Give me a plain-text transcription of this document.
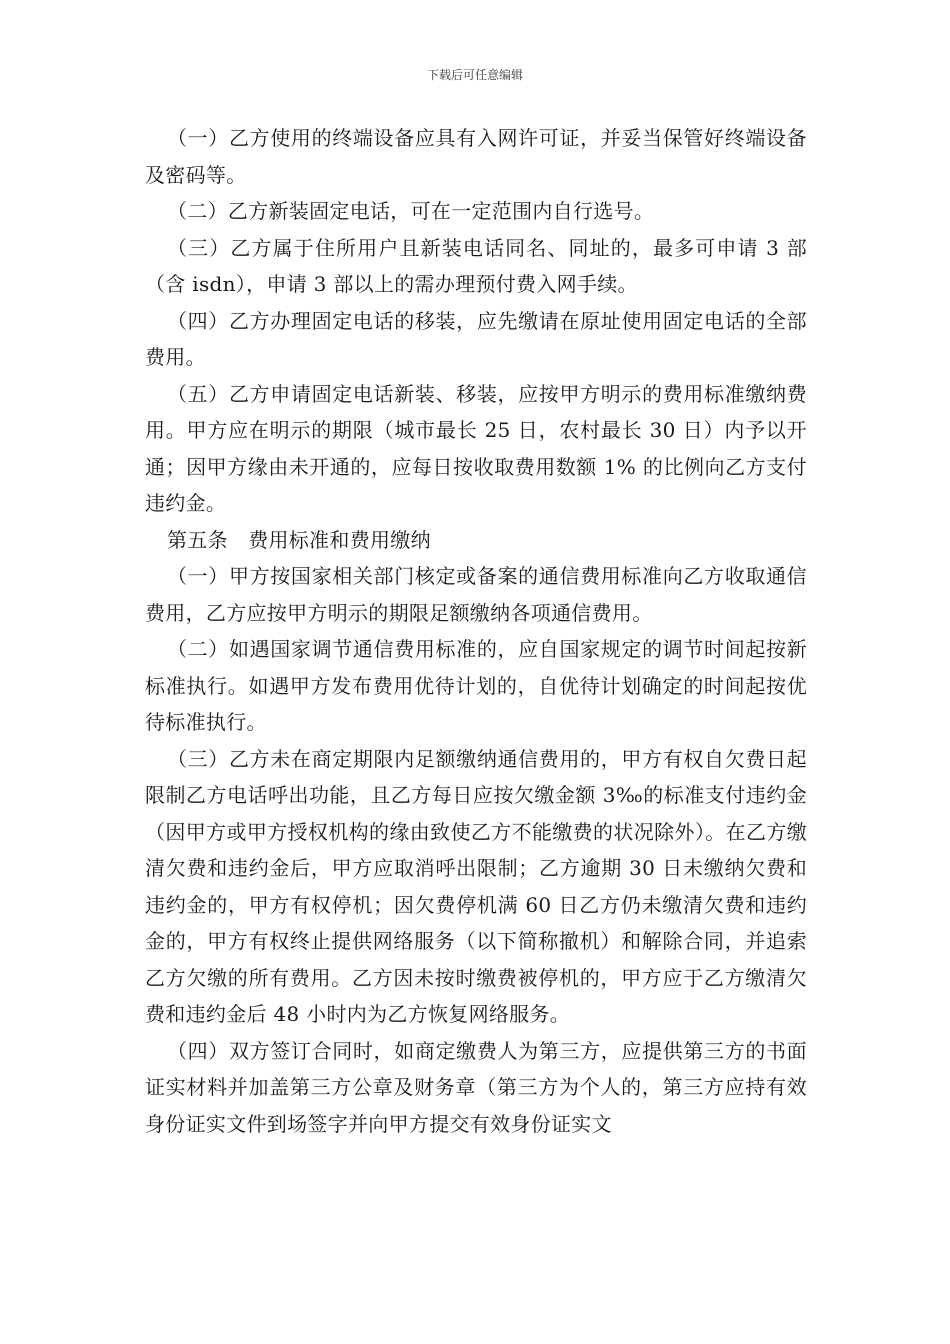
下载后可任意编辑

（一）乙方使用的终端设备应具有入网许可证，并妥当保管好终端设备及密码等。

（二）乙方新装固定电话，可在一定范围内自行选号。

（三）乙方属于住所用户且新装电话同名、同址的，最多可申请 3 部（含 isdn），申请 3 部以上的需办理预付费入网手续。

（四）乙方办理固定电话的移装，应先缴请在原址使用固定电话的全部费用。

（五）乙方申请固定电话新装、移装，应按甲方明示的费用标准缴纳费用。甲方应在明示的期限（城市最长 25 日，农村最长 30 日）内予以开通；因甲方缘由未开通的，应每日按收取费用数额 1% 的比例向乙方支付违约金。

第五条　费用标准和费用缴纳

（一）甲方按国家相关部门核定或备案的通信费用标准向乙方收取通信费用，乙方应按甲方明示的期限足额缴纳各项通信费用。

（二）如遇国家调节通信费用标准的，应自国家规定的调节时间起按新标准执行。如遇甲方发布费用优待计划的，自优待计划确定的时间起按优待标准执行。

（三）乙方未在商定期限内足额缴纳通信费用的，甲方有权自欠费日起限制乙方电话呼出功能，且乙方每日应按欠缴金额 3‰的标准支付违约金（因甲方或甲方授权机构的缘由致使乙方不能缴费的状况除外）。在乙方缴清欠费和违约金后，甲方应取消呼出限制；乙方逾期 30 日未缴纳欠费和违约金的，甲方有权停机；因欠费停机满 60 日乙方仍未缴清欠费和违约金的，甲方有权终止提供网络服务（以下简称撤机）和解除合同，并追索乙方欠缴的所有费用。乙方因未按时缴费被停机的，甲方应于乙方缴清欠费和违约金后 48 小时内为乙方恢复网络服务。

（四）双方签订合同时，如商定缴费人为第三方，应提供第三方的书面证实材料并加盖第三方公章及财务章（第三方为个人的，第三方应持有效身份证实文件到场签字并向甲方提交有效身份证实文
